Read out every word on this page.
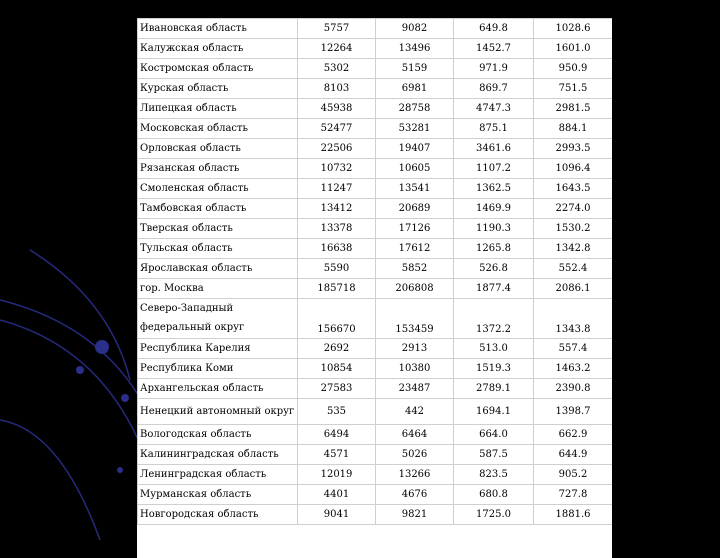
Ивановская область	5757	9082	649.8	1028.6
Калужская область	12264	13496	1452.7	1601.0
Костромская область	5302	5159	971.9	950.9
Курская область	8103	6981	869.7	751.5
Липецкая область	45938	28758	4747.3	2981.5
Московская область	52477	53281	875.1	884.1
Орловская область	22506	19407	3461.6	2993.5
Рязанская область	10732	10605	1107.2	1096.4
Смоленская область	11247	13541	1362.5	1643.5
Тамбовская область	13412	20689	1469.9	2274.0
Тверская область	13378	17126	1190.3	1530.2
Тульская область	16638	17612	1265.8	1342.8
Ярославская область	5590	5852	526.8	552.4
гор. Москва	185718	206808	1877.4	2086.1
Северо-Западный федеральный округ	156670	153459	1372.2	1343.8
Республика Карелия	2692	2913	513.0	557.4
Республика Коми	10854	10380	1519.3	1463.2
Архангельская область	27583	23487	2789.1	2390.8
Ненецкий автономный округ	535	442	1694.1	1398.7
Вологодская область	6494	6464	664.0	662.9
Калининградская область	4571	5026	587.5	644.9
Ленинградская область	12019	13266	823.5	905.2
Мурманская область	4401	4676	680.8	727.8
Новгородская область	9041	9821	1725.0	1881.6
